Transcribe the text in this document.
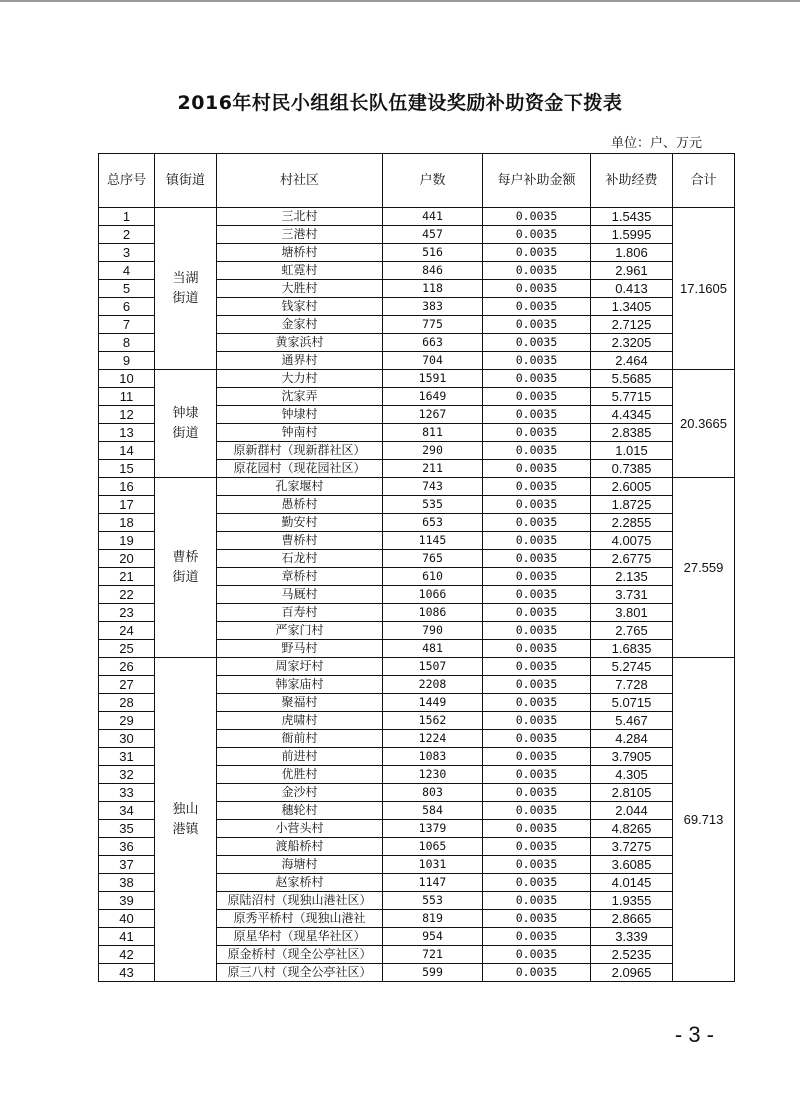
2016年村民小组组长队伍建设奖励补助资金下拨表
单位：户、万元
总序号	镇街道	村社区	户数	每户补助金额	补助经费	合计
1	当湖街道	三北村	441	0.0035	1.5435	17.1605
2		三港村	457	0.0035	1.5995	
3		塘桥村	516	0.0035	1.806	
4		虹霓村	846	0.0035	2.961	
5		大胜村	118	0.0035	0.413	
6		钱家村	383	0.0035	1.3405	
7		金家村	775	0.0035	2.7125	
8		黄家浜村	663	0.0035	2.3205	
9		通界村	704	0.0035	2.464	
10	钟埭街道	大力村	1591	0.0035	5.5685	20.3665
11		沈家弄	1649	0.0035	5.7715	
12		钟埭村	1267	0.0035	4.4345	
13		钟南村	811	0.0035	2.8385	
14		原新群村（现新群社区）	290	0.0035	1.015	
15		原花园村（现花园社区）	211	0.0035	0.7385	
16	曹桥街道	孔家堰村	743	0.0035	2.6005	27.559
17		愚桥村	535	0.0035	1.8725	
18		勤安村	653	0.0035	2.2855	
19		曹桥村	1145	0.0035	4.0075	
20		石龙村	765	0.0035	2.6775	
21		章桥村	610	0.0035	2.135	
22		马厩村	1066	0.0035	3.731	
23		百寿村	1086	0.0035	3.801	
24		严家门村	790	0.0035	2.765	
25		野马村	481	0.0035	1.6835	
26	独山港镇	周家圩村	1507	0.0035	5.2745	69.713
27		韩家庙村	2208	0.0035	7.728	
28		聚福村	1449	0.0035	5.0715	
29		虎啸村	1562	0.0035	5.467	
30		衙前村	1224	0.0035	4.284	
31		前进村	1083	0.0035	3.7905	
32		优胜村	1230	0.0035	4.305	
33		金沙村	803	0.0035	2.8105	
34		穗轮村	584	0.0035	2.044	
35		小营头村	1379	0.0035	4.8265	
36		渡船桥村	1065	0.0035	3.7275	
37		海塘村	1031	0.0035	3.6085	
38		赵家桥村	1147	0.0035	4.0145	
39		原陆沼村（现独山港社区）	553	0.0035	1.9355	
40		原秀平桥村（现独山港社	819	0.0035	2.8665	
41		原星华村（现星华社区）	954	0.0035	3.339	
42		原金桥村（现全公亭社区）	721	0.0035	2.5235	
43		原三八村（现全公亭社区）	599	0.0035	2.0965	
- 3 -
